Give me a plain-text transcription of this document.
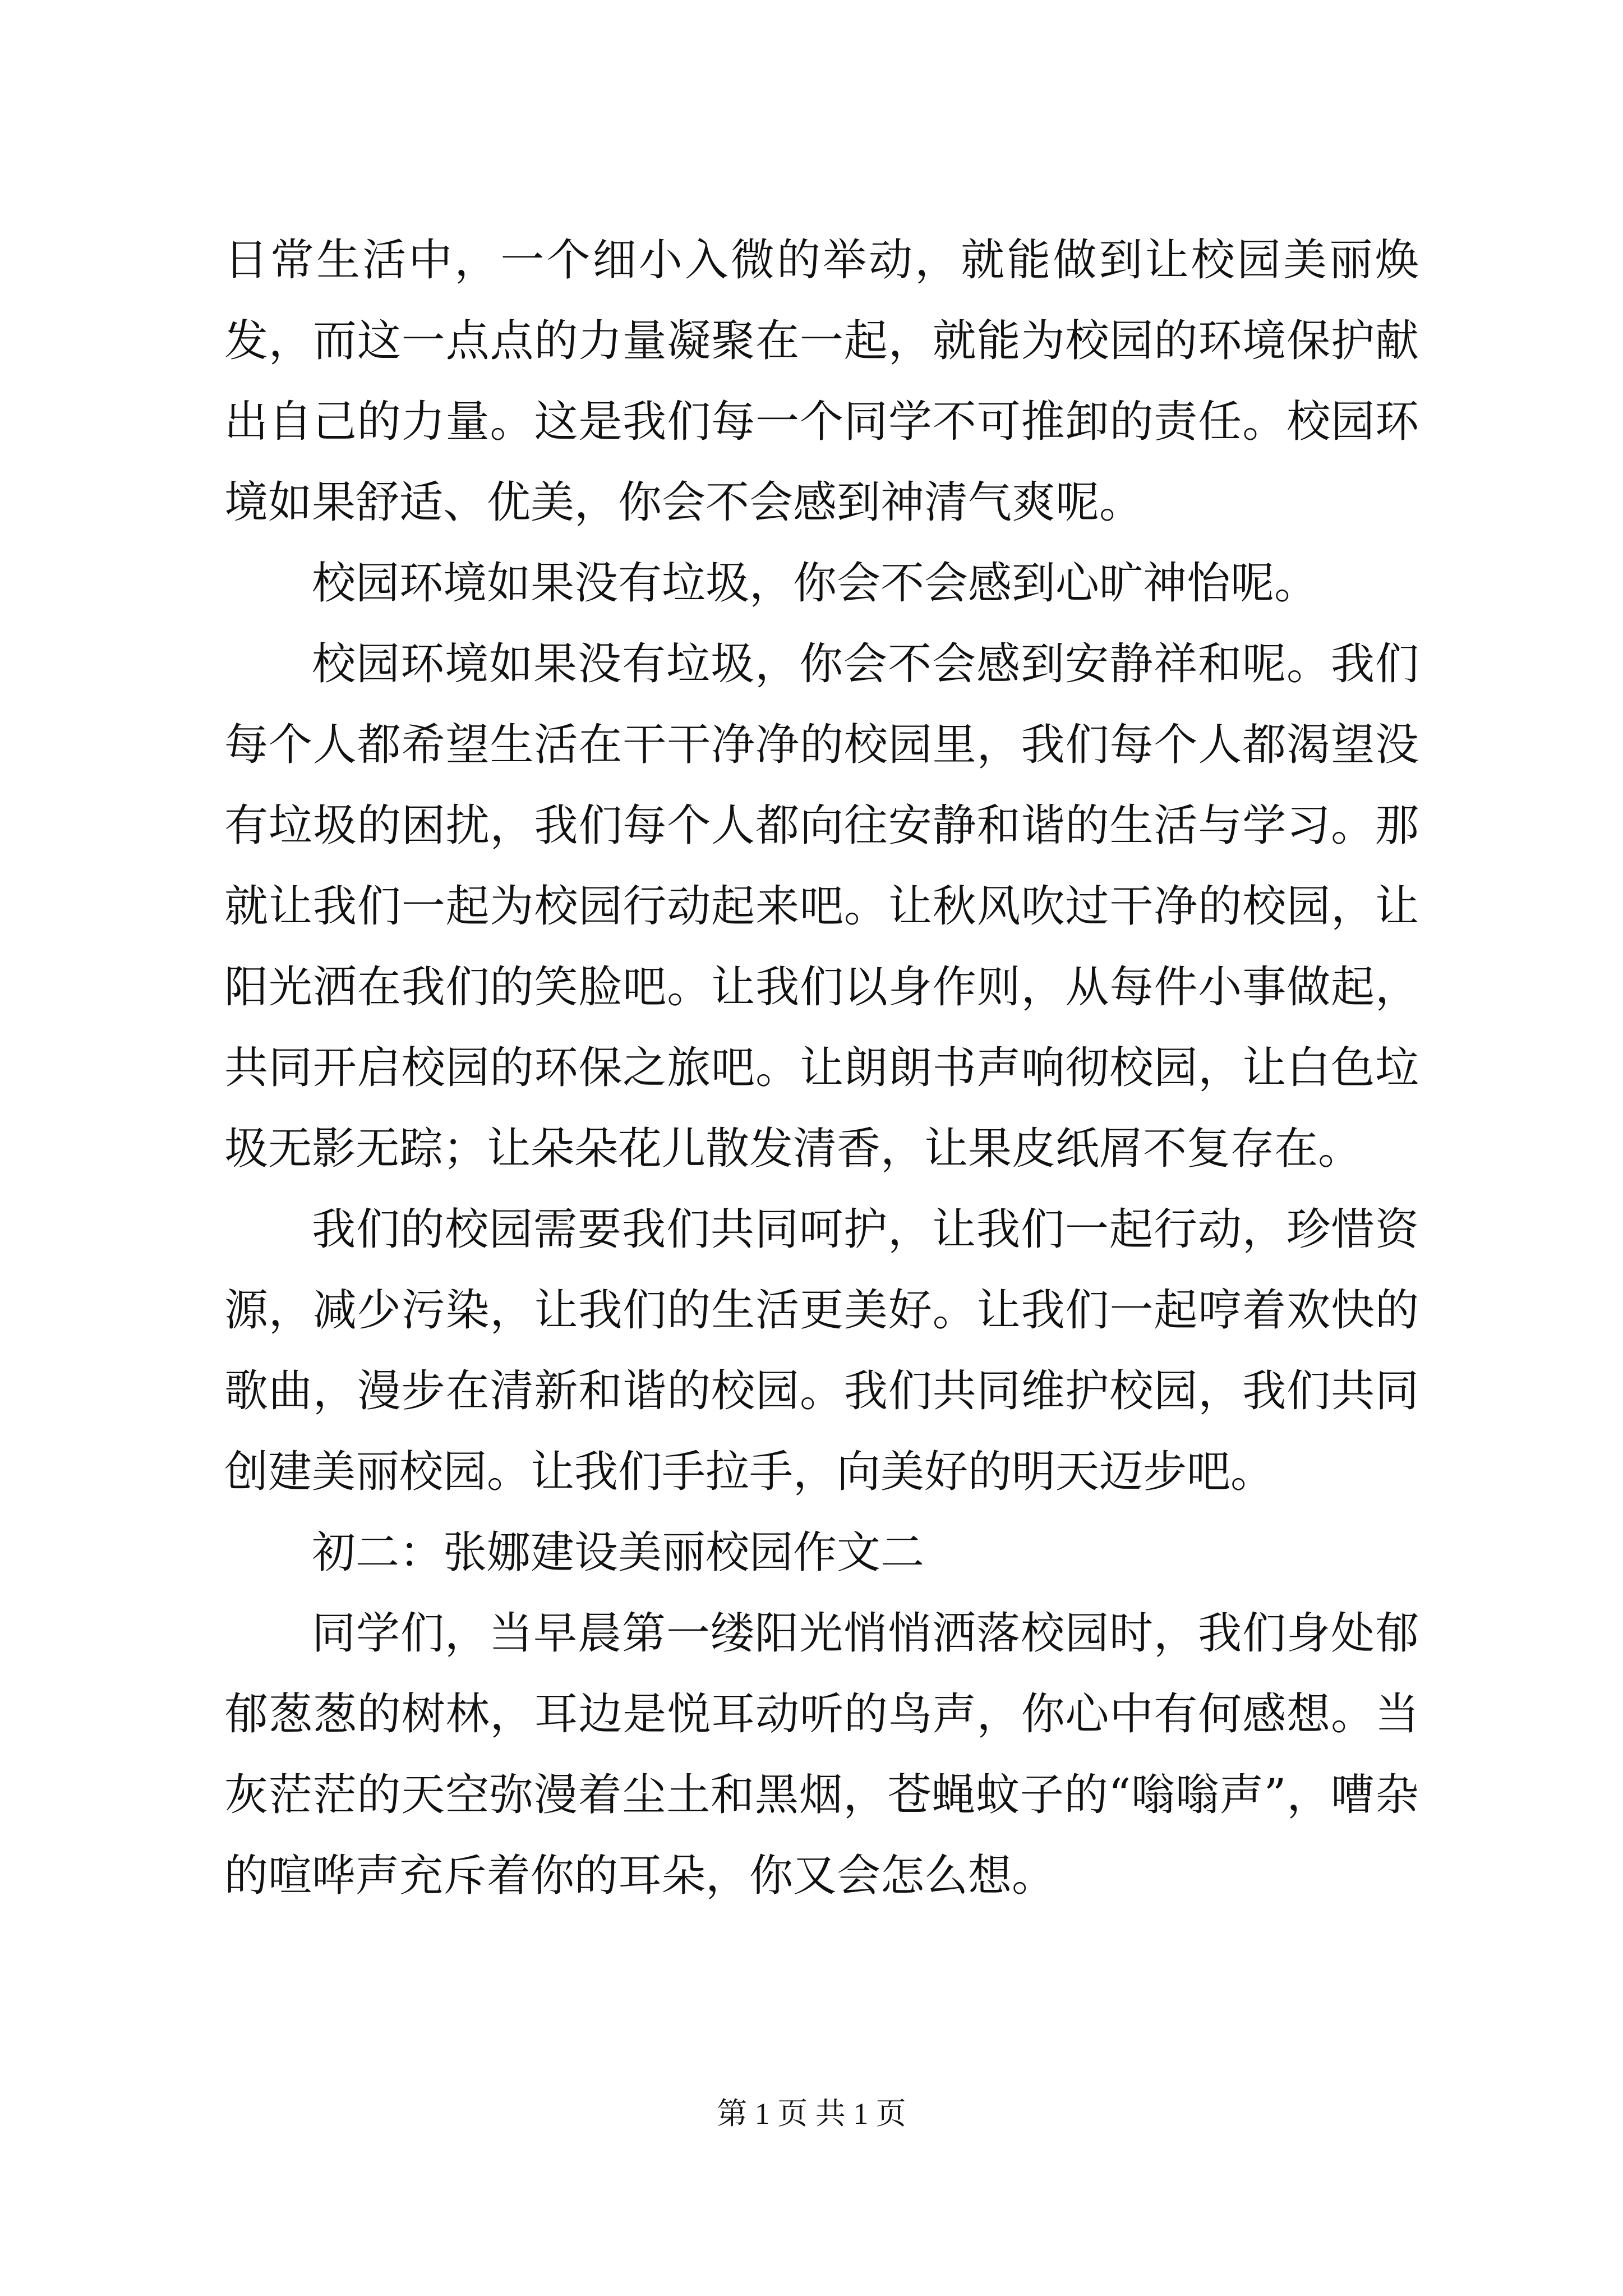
日常生活中，一个细小入微的举动，就能做到让校园美丽焕发，而这一点点的力量凝聚在一起，就能为校园的环境保护献出自己的力量。这是我们每一个同学不可推卸的责任。校园环境如果舒适、优美，你会不会感到神清气爽呢。

校园环境如果没有垃圾，你会不会感到心旷神怡呢。

校园环境如果没有垃圾，你会不会感到安静祥和呢。我们每个人都希望生活在干干净净的校园里，我们每个人都渴望没有垃圾的困扰，我们每个人都向往安静和谐的生活与学习。那就让我们一起为校园行动起来吧。让秋风吹过干净的校园，让阳光洒在我们的笑脸吧。让我们以身作则，从每件小事做起，共同开启校园的环保之旅吧。让朗朗书声响彻校园，让白色垃圾无影无踪；让朵朵花儿散发清香，让果皮纸屑不复存在。

我们的校园需要我们共同呵护，让我们一起行动，珍惜资源，减少污染，让我们的生活更美好。让我们一起哼着欢快的歌曲，漫步在清新和谐的校园。我们共同维护校园，我们共同创建美丽校园。让我们手拉手，向美好的明天迈步吧。

初二：张娜建设美丽校园作文二

同学们，当早晨第一缕阳光悄悄洒落校园时，我们身处郁郁葱葱的树林，耳边是悦耳动听的鸟声，你心中有何感想。当灰茫茫的天空弥漫着尘土和黑烟，苍蝇蚊子的“嗡嗡声”，嘈杂的喧哗声充斥着你的耳朵，你又会怎么想。

第 1 页 共 1 页
